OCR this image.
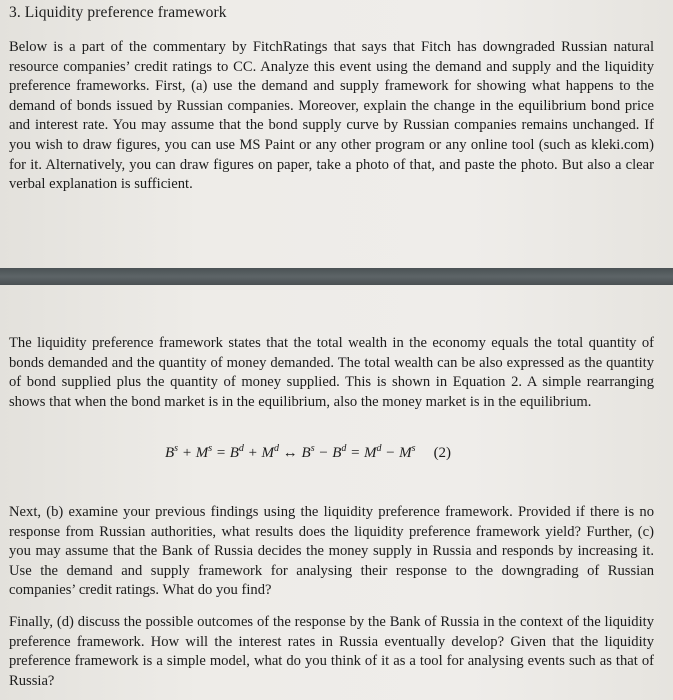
3. Liquidity preference framework
Below is a part of the commentary by FitchRatings that says that Fitch has downgraded Russian natural resource companies’ credit ratings to CC. Analyze this event using the demand and supply and the liquidity preference frameworks. First, (a) use the demand and supply framework for showing what happens to the demand of bonds issued by Russian companies. Moreover, explain the change in the equilibrium bond price and interest rate. You may assume that the bond supply curve by Russian companies remains unchanged. If you wish to draw figures, you can use MS Paint or any other program or any online tool (such as kleki.com) for it. Alternatively, you can draw figures on paper, take a photo of that, and paste the photo. But also a clear verbal explanation is sufficient.
The liquidity preference framework states that the total wealth in the economy equals the total quantity of bonds demanded and the quantity of money demanded. The total wealth can be also expressed as the quantity of bond supplied plus the quantity of money supplied. This is shown in Equation 2. A simple rearranging shows that when the bond market is in the equilibrium, also the money market is in the equilibrium.
$B^s + M^s = B^d + M^d$ ↔ $B^s - B^d = M^d - M^s$ (2)
Next, (b) examine your previous findings using the liquidity preference framework. Provided if there is no response from Russian authorities, what results does the liquidity preference framework yield? Further, (c) you may assume that the Bank of Russia decides the money supply in Russia and responds by increasing it. Use the demand and supply framework for analysing their response to the downgrading of Russian companies’ credit ratings. What do you find?
Finally, (d) discuss the possible outcomes of the response by the Bank of Russia in the context of the liquidity preference framework. How will the interest rates in Russia eventually develop? Given that the liquidity preference framework is a simple model, what do you think of it as a tool for analysing events such as that of Russia?
